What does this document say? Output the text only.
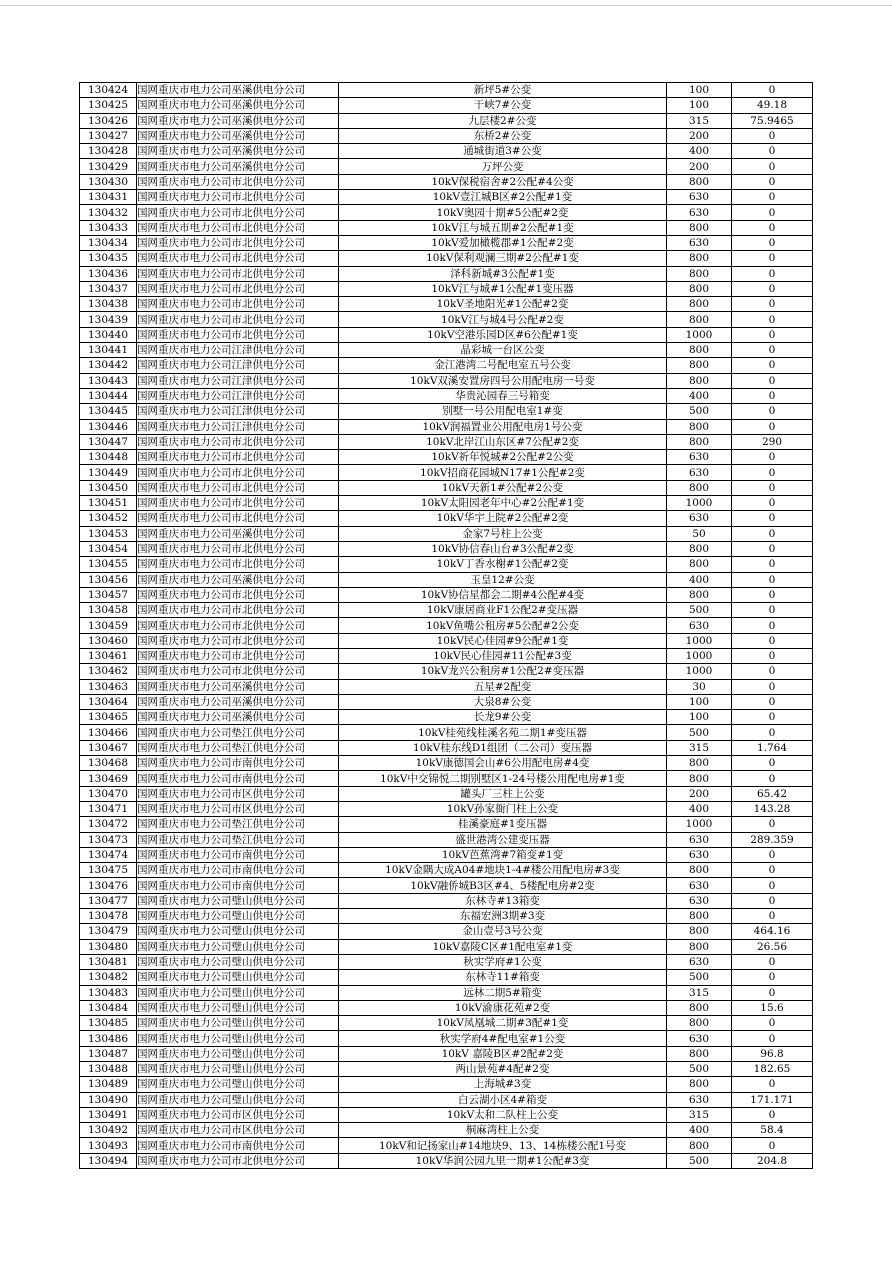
130424	国网重庆市电力公司巫溪供电分公司	新坪5#公变	100	0
130425	国网重庆市电力公司巫溪供电分公司	干峡7#公变	100	49.18
130426	国网重庆市电力公司巫溪供电分公司	九层楼2#公变	315	75.9465
130427	国网重庆市电力公司巫溪供电分公司	东桥2#公变	200	0
130428	国网重庆市电力公司巫溪供电分公司	通城街道3#公变	400	0
130429	国网重庆市电力公司巫溪供电分公司	万坪公变	200	0
130430	国网重庆市电力公司市北供电分公司	10kV保税宿舍#2公配#4公变	800	0
130431	国网重庆市电力公司市北供电分公司	10kV壹江城B区#2公配#1变	630	0
130432	国网重庆市电力公司市北供电分公司	10kV奥园十期#5公配#2变	630	0
130433	国网重庆市电力公司市北供电分公司	10kV江与城五期#2公配#1变	800	0
130434	国网重庆市电力公司市北供电分公司	10kV爱加橄榄郡#1公配#2变	630	0
130435	国网重庆市电力公司市北供电分公司	10kV保利观澜三期#2公配#1变	800	0
130436	国网重庆市电力公司市北供电分公司	泽科新城#3公配#1变	800	0
130437	国网重庆市电力公司市北供电分公司	10kV江与城#1公配#1变压器	800	0
130438	国网重庆市电力公司市北供电分公司	10kV圣地阳光#1公配#2变	800	0
130439	国网重庆市电力公司市北供电分公司	10kV江与城4号公配#2变	800	0
130440	国网重庆市电力公司市北供电分公司	10kV空港乐园D区#6公配#1变	1000	0
130441	国网重庆市电力公司江津供电分公司	晶彩城一台区公变	800	0
130442	国网重庆市电力公司江津供电分公司	金江港湾二号配电室五号公变	800	0
130443	国网重庆市电力公司江津供电分公司	10kV双溪安置房四号公用配电房一号变	800	0
130444	国网重庆市电力公司江津供电分公司	华贵沁园春三号箱变	400	0
130445	国网重庆市电力公司江津供电分公司	别墅一号公用配电室1#变	500	0
130446	国网重庆市电力公司江津供电分公司	10kV润福置业公用配电房1号公变	800	0
130447	国网重庆市电力公司市北供电分公司	10kV北岸江山东区#7公配#2变	800	290
130448	国网重庆市电力公司市北供电分公司	10kV祈年悦城#2公配#2公变	630	0
130449	国网重庆市电力公司市北供电分公司	10kV招商花园城N17#1公配#2变	630	0
130450	国网重庆市电力公司市北供电分公司	10kV天新1#公配#2公变	800	0
130451	国网重庆市电力公司市北供电分公司	10kV太阳园老年中心#2公配#1变	1000	0
130452	国网重庆市电力公司市北供电分公司	10kV华宇上院#2公配#2变	630	0
130453	国网重庆市电力公司巫溪供电分公司	金家7号柱上公变	50	0
130454	国网重庆市电力公司市北供电分公司	10kV协信春山台#3公配#2变	800	0
130455	国网重庆市电力公司市北供电分公司	10kV丁香水榭#1公配#2变	800	0
130456	国网重庆市电力公司巫溪供电分公司	玉皇12#公变	400	0
130457	国网重庆市电力公司市北供电分公司	10kV协信星都会二期#4公配#4变	800	0
130458	国网重庆市电力公司市北供电分公司	10kV康居商业F1公配2#变压器	500	0
130459	国网重庆市电力公司市北供电分公司	10kV鱼嘴公租房#5公配#2公变	630	0
130460	国网重庆市电力公司市北供电分公司	10kV民心佳园#9公配#1变	1000	0
130461	国网重庆市电力公司市北供电分公司	10kV民心佳园#11公配#3变	1000	0
130462	国网重庆市电力公司市北供电分公司	10kV龙兴公租房#1公配2#变压器	1000	0
130463	国网重庆市电力公司巫溪供电分公司	五星#2配变	30	0
130464	国网重庆市电力公司巫溪供电分公司	大泉8#公变	100	0
130465	国网重庆市电力公司巫溪供电分公司	长龙9#公变	100	0
130466	国网重庆市电力公司垫江供电分公司	10kV桂苑线桂溪名苑二期1#变压器	500	0
130467	国网重庆市电力公司垫江供电分公司	10kV桂东线D1组团（二公司）变压器	315	1.764
130468	国网重庆市电力公司市南供电分公司	10kV康德国会山#6公用配电房#4变	800	0
130469	国网重庆市电力公司市南供电分公司	10kV中交锦悦二期别墅区1-24号楼公用配电房#1变	800	0
130470	国网重庆市电力公司市区供电分公司	罐头厂三柱上公变	200	65.42
130471	国网重庆市电力公司市区供电分公司	10kV孙家衙门柱上公变	400	143.28
130472	国网重庆市电力公司垫江供电分公司	桂溪豪庭#1变压器	1000	0
130473	国网重庆市电力公司垫江供电分公司	盛世港湾公建变压器	630	289.359
130474	国网重庆市电力公司市南供电分公司	10kV芭蕉湾#7箱变#1变	630	0
130475	国网重庆市电力公司市南供电分公司	10kV金隅大成A04#地块1-4#楼公用配电房#3变	800	0
130476	国网重庆市电力公司市南供电分公司	10kV融侨城B3区#4、5楼配电房#2变	630	0
130477	国网重庆市电力公司璧山供电分公司	东林寺#13箱变	630	0
130478	国网重庆市电力公司璧山供电分公司	东福宏洲3期#3变	800	0
130479	国网重庆市电力公司璧山供电分公司	金山壹号3号公变	800	464.16
130480	国网重庆市电力公司璧山供电分公司	10kV嘉陵C区#1配电室#1变	800	26.56
130481	国网重庆市电力公司璧山供电分公司	秋实学府#1公变	630	0
130482	国网重庆市电力公司璧山供电分公司	东林寺11#箱变	500	0
130483	国网重庆市电力公司璧山供电分公司	远林二期5#箱变	315	0
130484	国网重庆市电力公司璧山供电分公司	10kV渝康花苑#2变	800	15.6
130485	国网重庆市电力公司璧山供电分公司	10kV凤凰城二期#3配#1变	800	0
130486	国网重庆市电力公司璧山供电分公司	秋实学府4#配电室#1公变	630	0
130487	国网重庆市电力公司璧山供电分公司	10kV 嘉陵B区#2配#2变	800	96.8
130488	国网重庆市电力公司璧山供电分公司	两山景苑#4配#2变	500	182.65
130489	国网重庆市电力公司璧山供电分公司	上海城#3变	800	0
130490	国网重庆市电力公司璧山供电分公司	白云湖小区4#箱变	630	171.171
130491	国网重庆市电力公司市区供电分公司	10kV太和二队柱上公变	315	0
130492	国网重庆市电力公司市区供电分公司	桐麻湾柱上公变	400	58.4
130493	国网重庆市电力公司市南供电分公司	10kV和记扬家山#14地块9、13、14栋楼公配1号变	800	0
130494	国网重庆市电力公司市北供电分公司	10kV华润公园九里一期#1公配#3变	500	204.8
